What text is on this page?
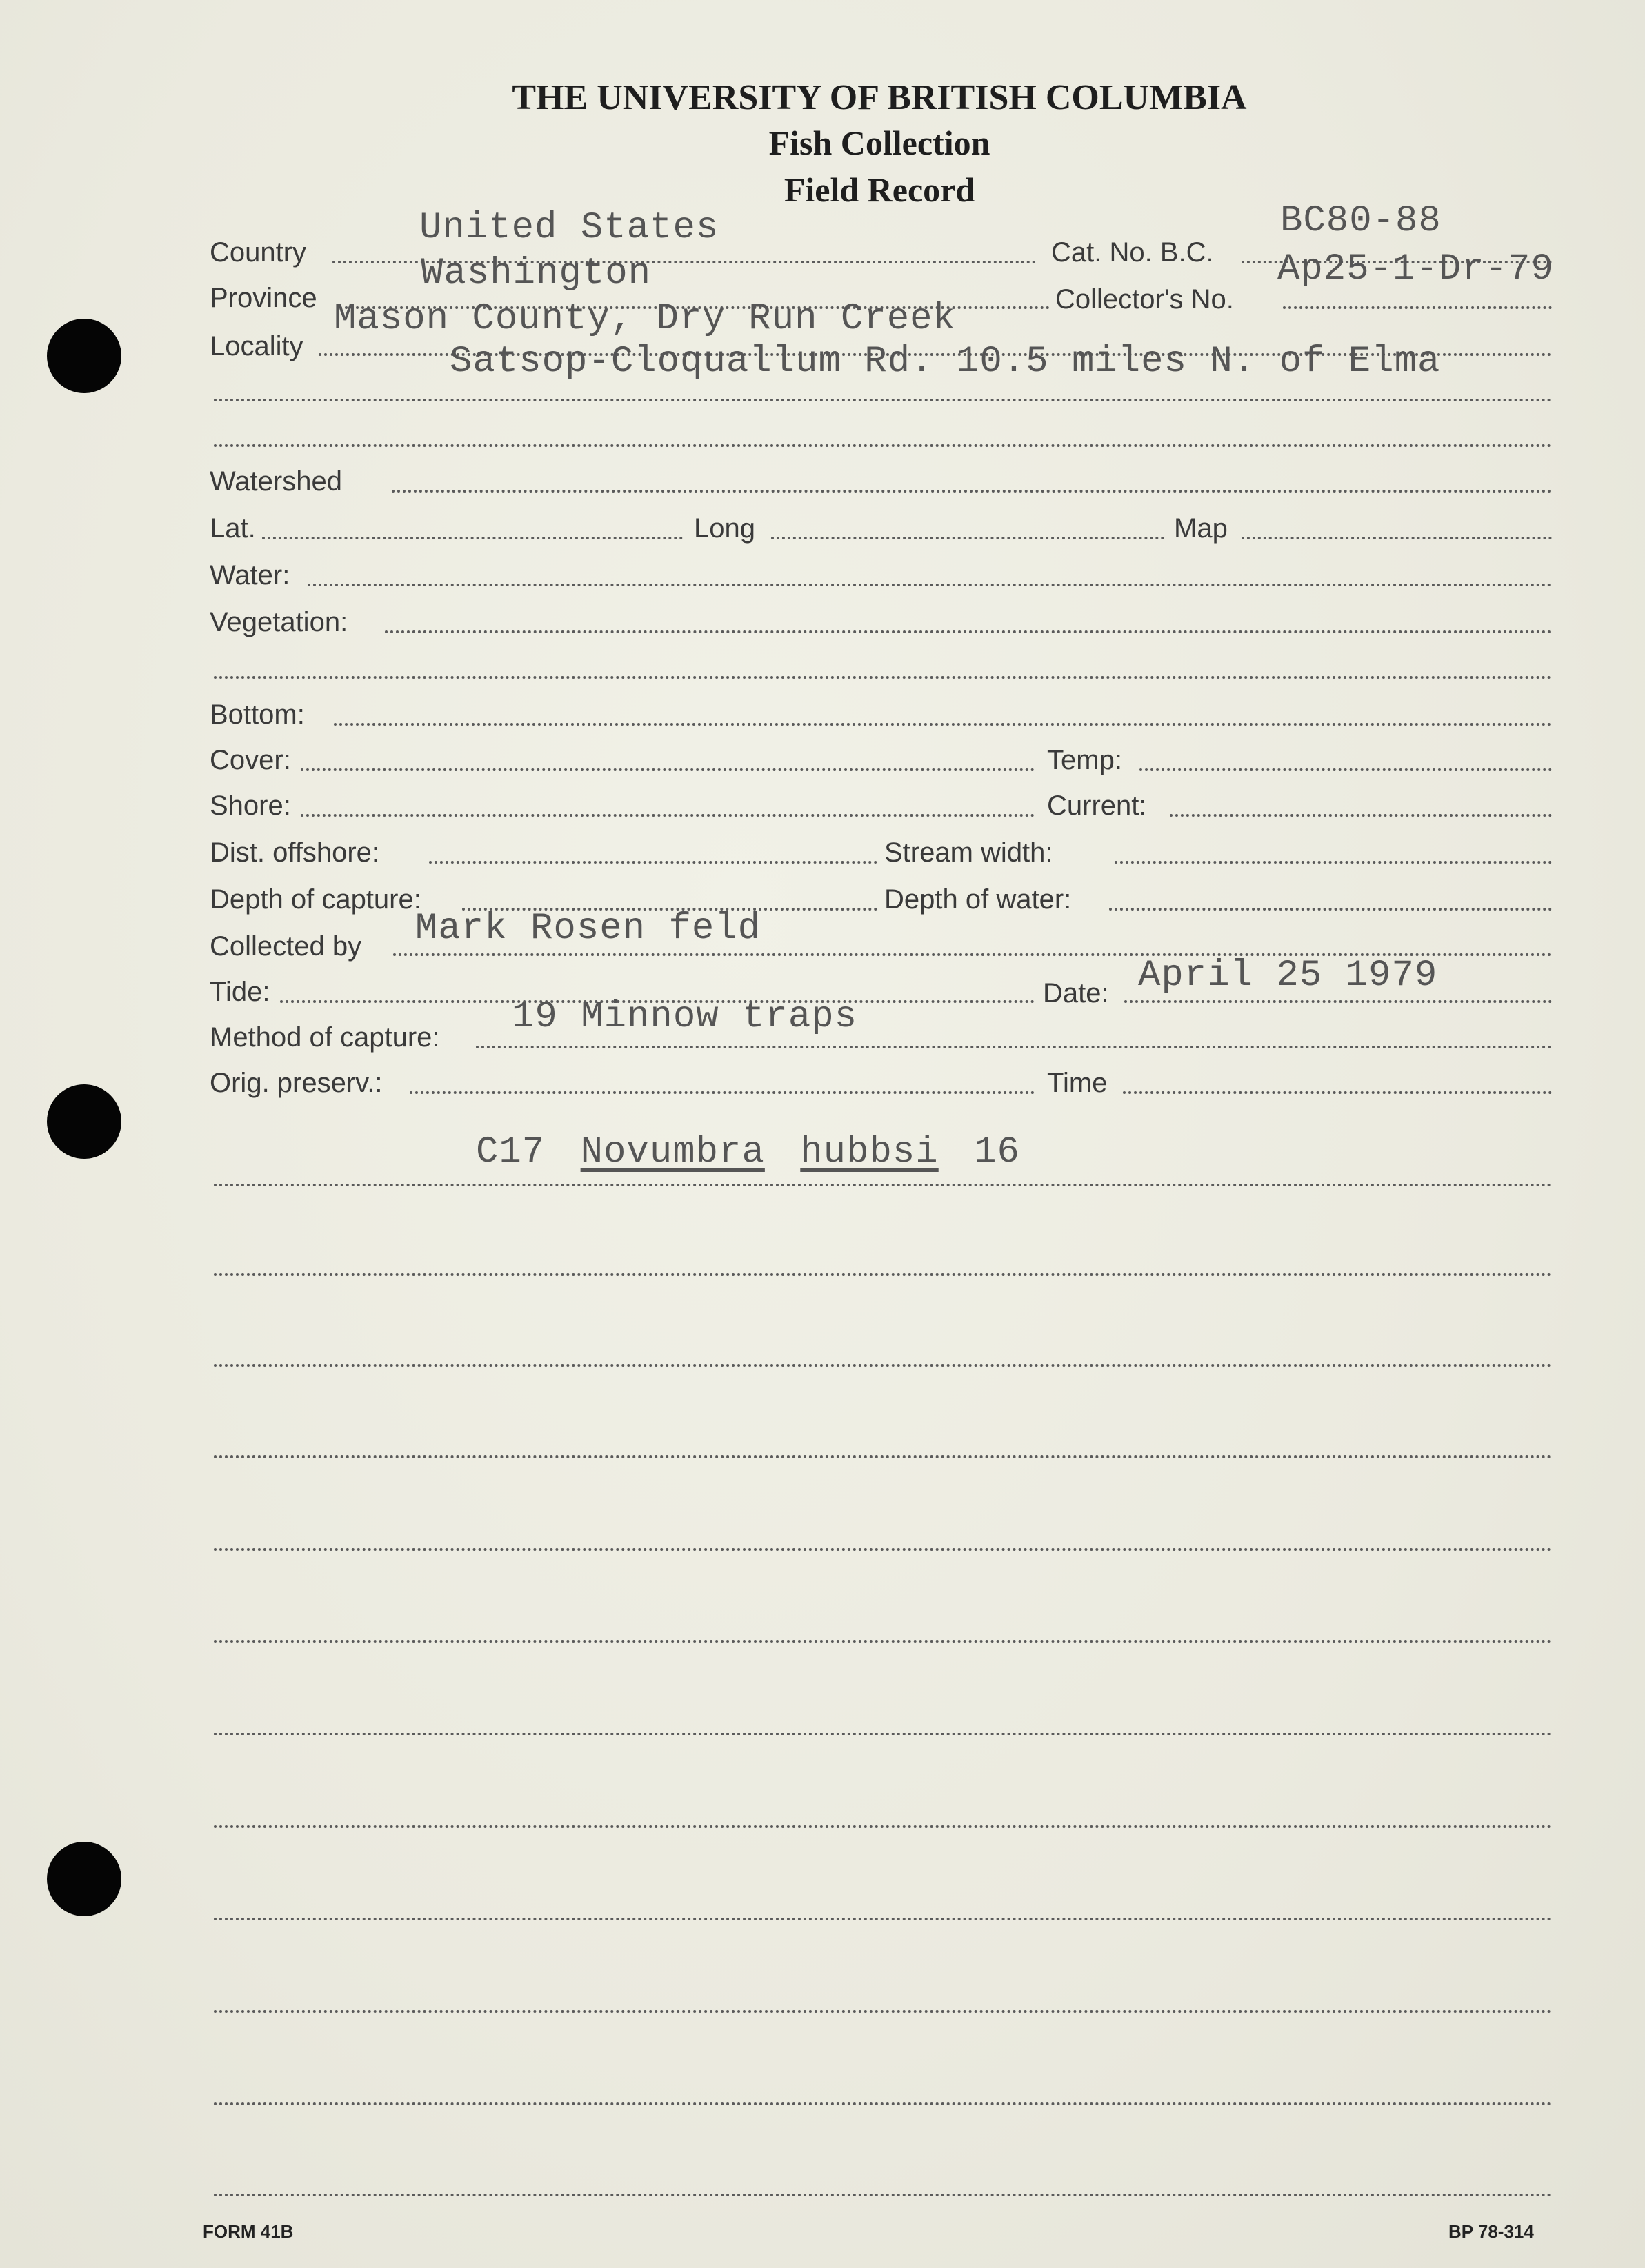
THE UNIVERSITY OF BRITISH COLUMBIA
Fish Collection
Field Record
Country
United States
Cat. No. B.C.
BC80-88
Province
Washington
Collector's No.
Ap25-1-Dr-79
Locality
Mason County, Dry Run Creek
Satsop-Cloquallum Rd. 10.5 miles N. of Elma
Watershed
Lat.	Long	Map
Water:
Vegetation:
Bottom:
Cover:	Temp:
Shore:	Current:
Dist. offshore:	Stream width:
Depth of capture:	Depth of water:
Collected by Mark Rosen feld
Tide:	Date: April 25 1979
Method of capture: 19 Minnow traps
Orig. preserv.:	Time
C17 Novumbra hubbsi 16
FORM 41B	BP 78-314
